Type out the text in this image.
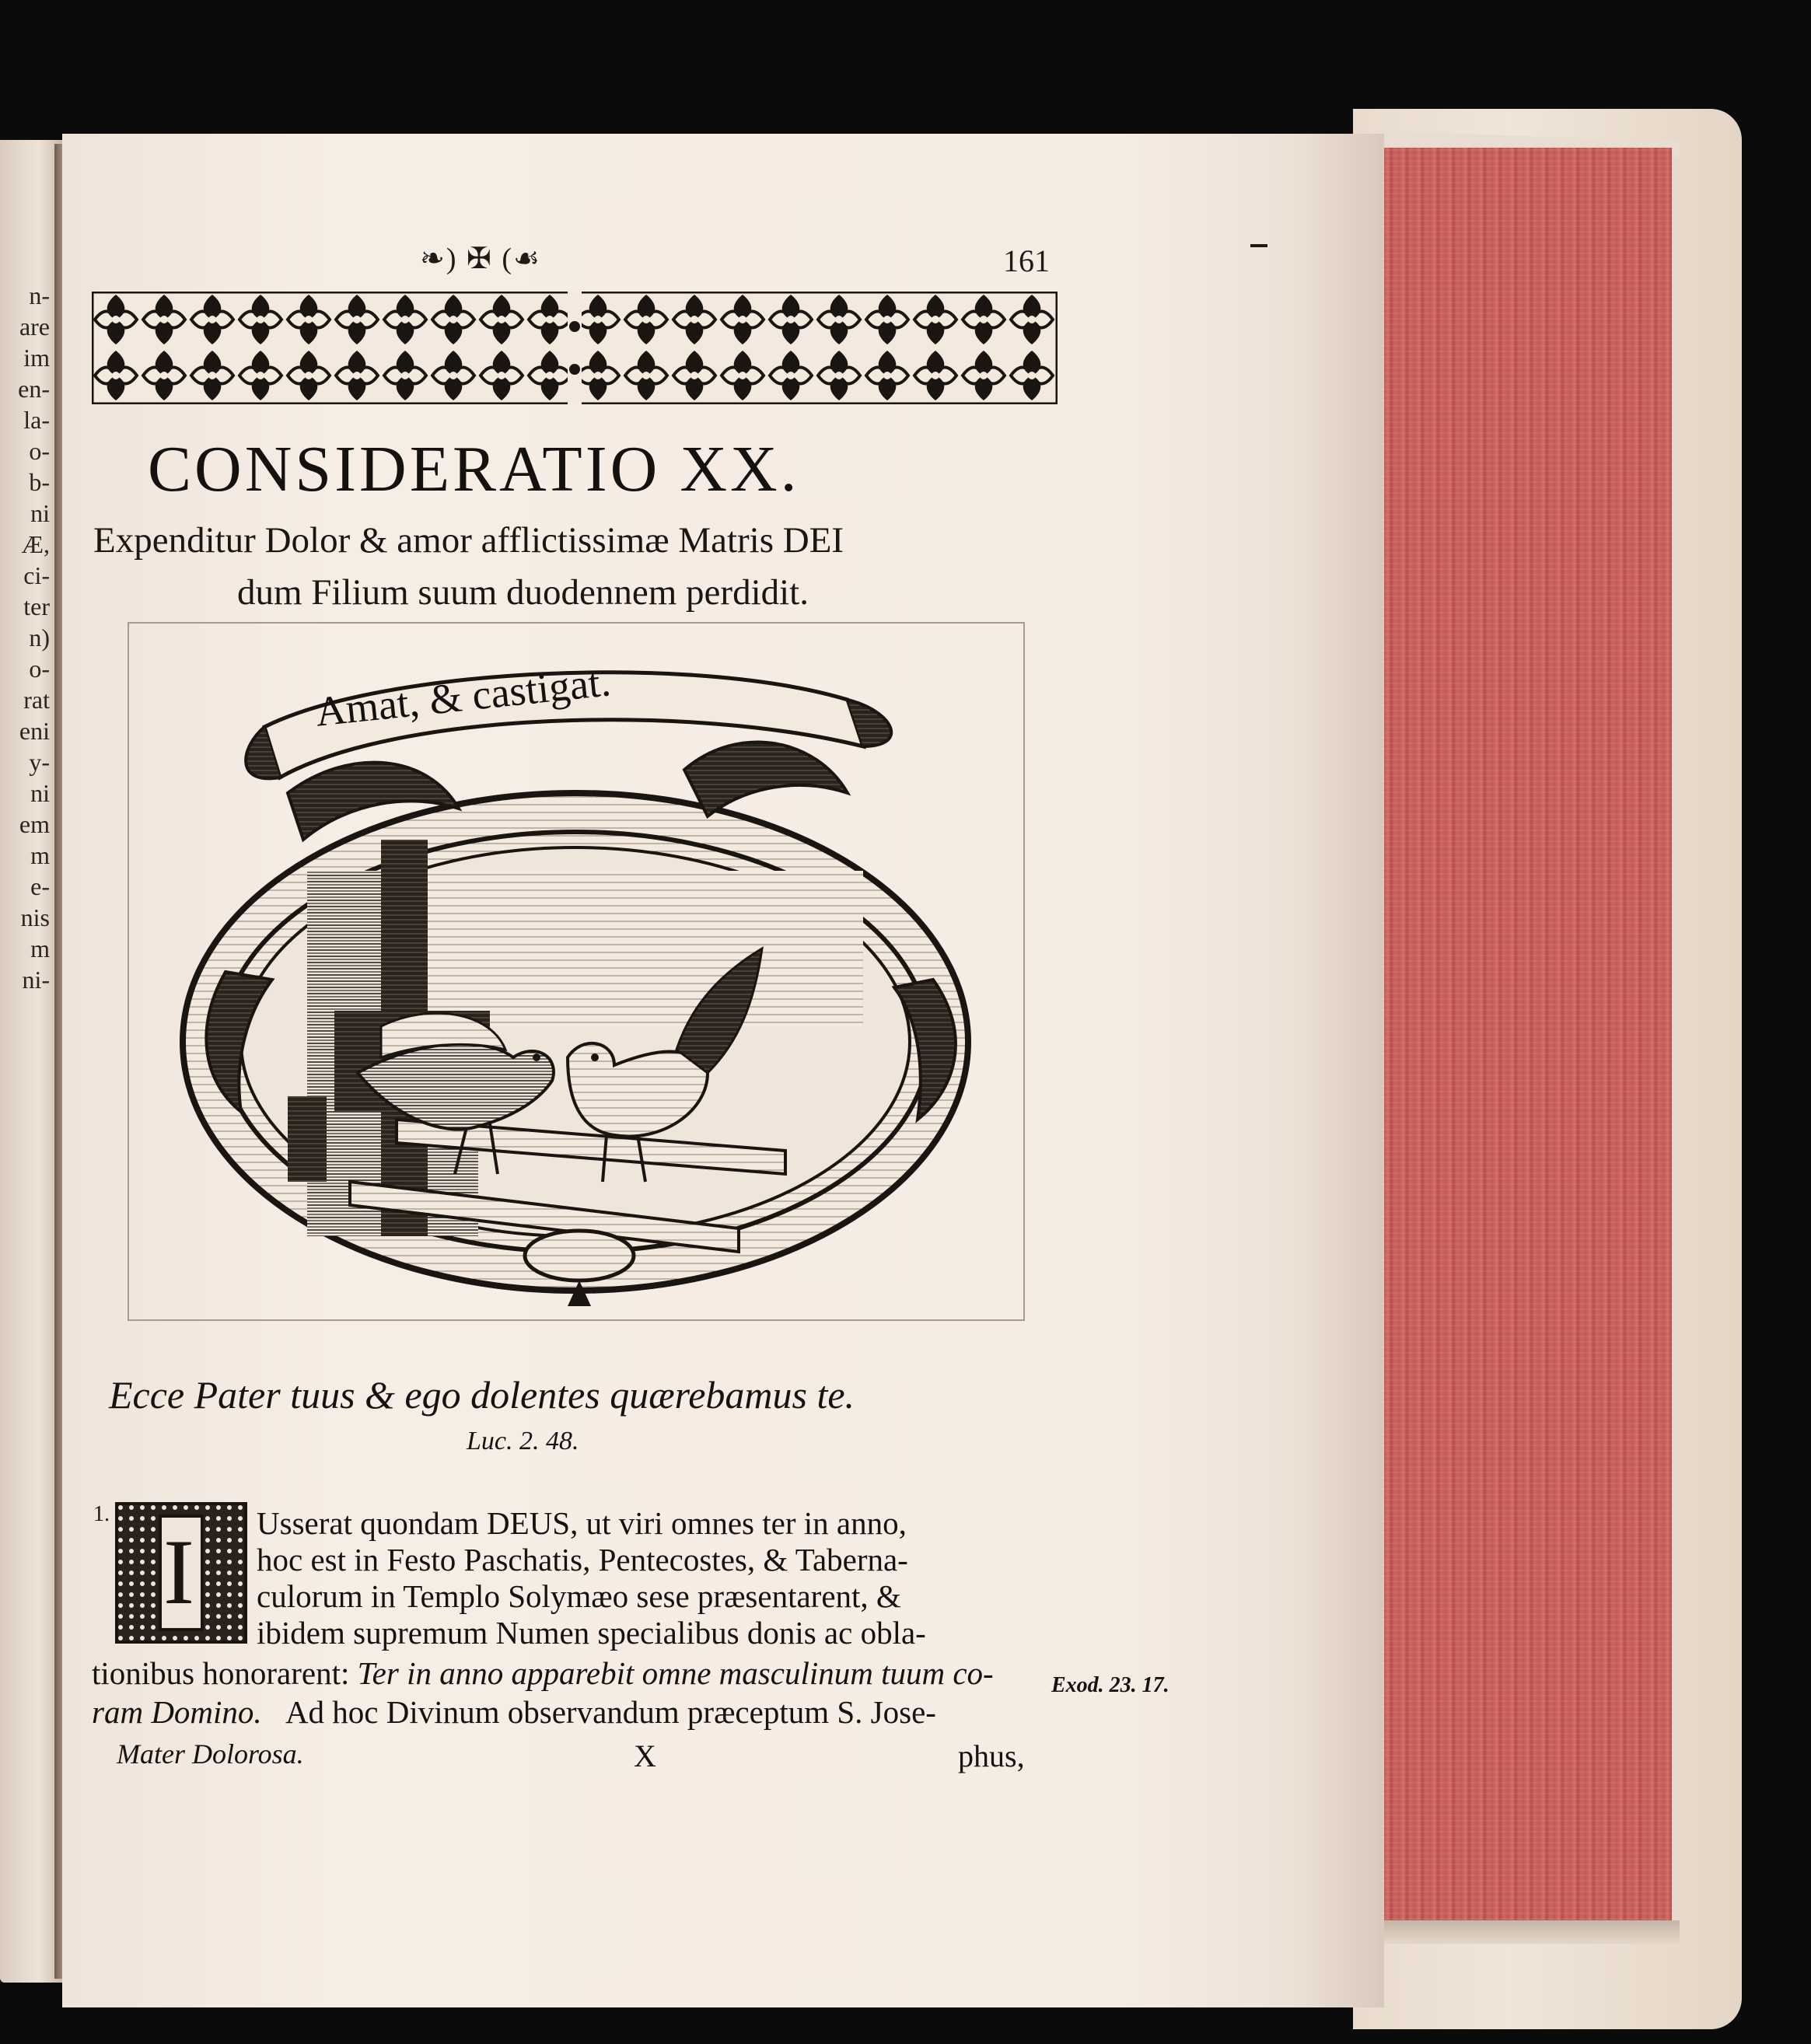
n-
are
im
en-
la-
o-
b-
ni
Æ,
ci-
ter
n)
o-
rat
eni
y-
ni
em
m
e-
nis
m
ni-
❧) ✠ (☙	161

CONSIDERATIO XX.
Expenditur Dolor & amor afflictissimæ Matris DEI
dum Filium suum duodennem perdidit.
Amat, & castigat.
Ecce Pater tuus & ego dolentes quærebamus te.
Luc. 2. 48.
1.
I Usserat quondam DEUS, ut viri omnes ter in anno,
hoc est in Festo Paschatis, Pentecostes, & Taberna-
culorum in Templo Solymæo sese præsentarent, &
ibidem supremum Numen specialibus donis ac obla-
tionibus honorarent: Ter in anno apparebit omne masculinum tuum co-
ram Domino. Ad hoc Divinum observandum præceptum S. Jose-
Exod. 23. 17.
Mater Dolorosa.	X	phus,
